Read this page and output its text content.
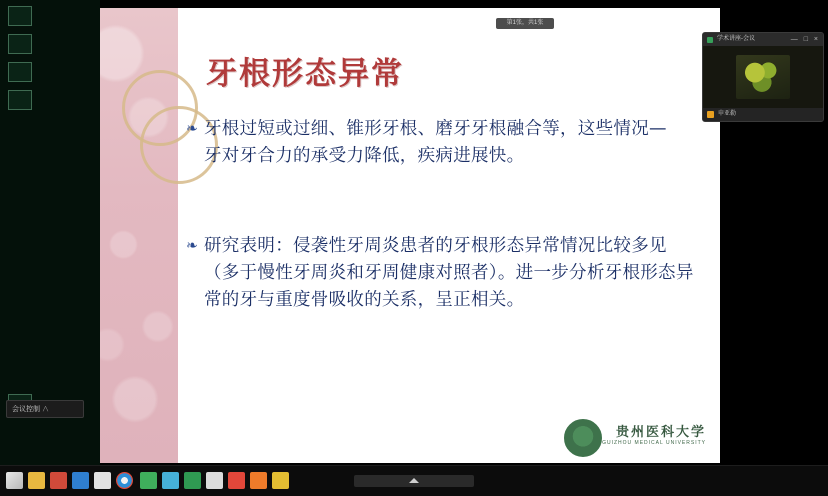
会议控制 ∧
第1张，共1张
牙根形态异常
❧ 牙根过短或过细、锥形牙根、磨牙牙根融合等，这些情况—牙对牙合力的承受力降低，疾病进展快。
❧ 研究表明：侵袭性牙周炎患者的牙根形态异常情况比较多见（多于慢性牙周炎和牙周健康对照者）。进一步分析牙根形态异常的牙与重度骨吸收的关系，呈正相关。
贵州医科大学
GUIZHOU MEDICAL UNIVERSITY
学术讲座-会议	— □ ×
申亚勒
